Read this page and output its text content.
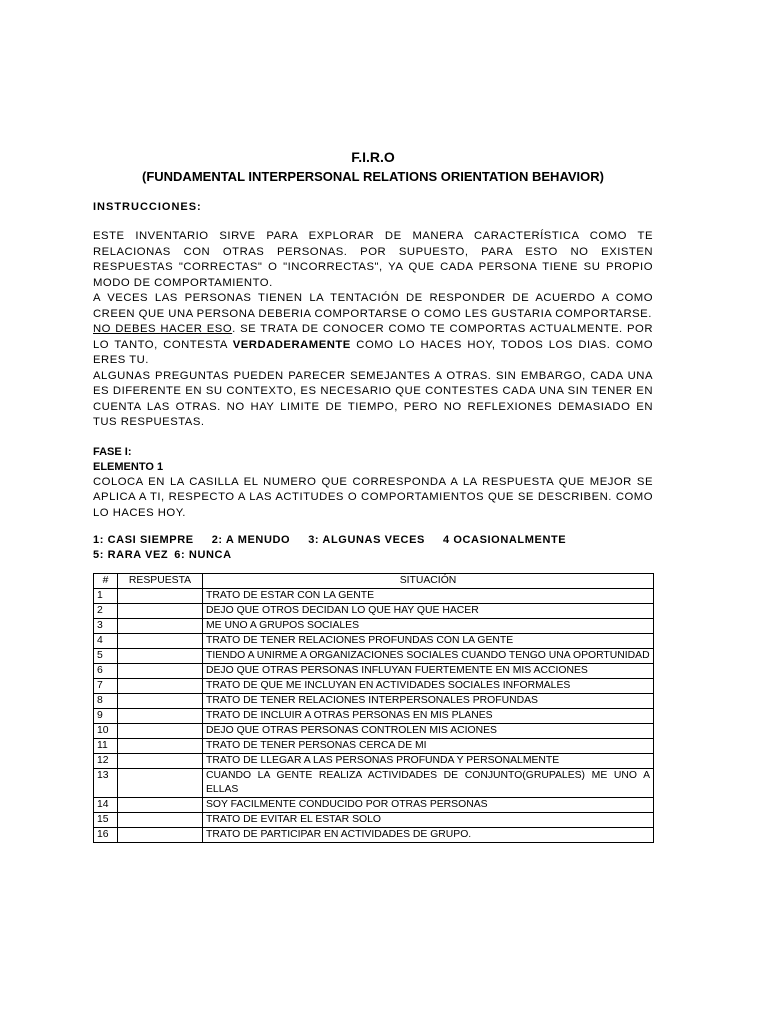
F.I.R.O
(FUNDAMENTAL INTERPERSONAL RELATIONS ORIENTATION BEHAVIOR)
INSTRUCCIONES:

ESTE INVENTARIO SIRVE PARA EXPLORAR DE MANERA CARACTERÍSTICA COMO TE RELACIONAS CON OTRAS PERSONAS. POR SUPUESTO, PARA ESTO NO EXISTEN RESPUESTAS "CORRECTAS" O "INCORRECTAS", YA QUE CADA PERSONA TIENE SU PROPIO MODO DE COMPORTAMIENTO.

A VECES LAS PERSONAS TIENEN LA TENTACIÓN DE RESPONDER DE ACUERDO A COMO CREEN QUE UNA PERSONA DEBERIA COMPORTARSE O COMO LES GUSTARIA COMPORTARSE.

NO DEBES HACER ESO. SE TRATA DE CONOCER COMO TE COMPORTAS ACTUALMENTE. POR LO TANTO, CONTESTA VERDADERAMENTE COMO LO HACES HOY, TODOS LOS DIAS. COMO ERES TU.

ALGUNAS PREGUNTAS PUEDEN PARECER SEMEJANTES A OTRAS. SIN EMBARGO, CADA UNA ES DIFERENTE EN SU CONTEXTO, ES NECESARIO QUE CONTESTES CADA UNA SIN TENER EN CUENTA LAS OTRAS. NO HAY LIMITE DE TIEMPO, PERO NO REFLEXIONES DEMASIADO EN TUS RESPUESTAS.

FASE I:
ELEMENTO 1

COLOCA EN LA CASILLA EL NUMERO QUE CORRESPONDA A LA RESPUESTA QUE MEJOR SE APLICA A TI, RESPECTO A LAS ACTITUDES O COMPORTAMIENTOS QUE SE DESCRIBEN. COMO LO HACES HOY.

1: CASI SIEMPRE 2: A MENUDO 3: ALGUNAS VECES 4 OCASIONALMENTE
5: RARA VEZ 6: NUNCA
#	RESPUESTA	SITUACIÓN
1		TRATO DE ESTAR CON LA GENTE
2		DEJO QUE OTROS DECIDAN LO QUE HAY QUE HACER
3		ME UNO A GRUPOS SOCIALES
4		TRATO DE TENER RELACIONES PROFUNDAS CON LA GENTE
5		TIENDO A UNIRME A ORGANIZACIONES SOCIALES CUANDO TENGO UNA OPORTUNIDAD
6		DEJO QUE OTRAS PERSONAS INFLUYAN FUERTEMENTE EN MIS ACCIONES
7		TRATO DE QUE ME INCLUYAN EN ACTIVIDADES SOCIALES INFORMALES
8		TRATO DE TENER RELACIONES INTERPERSONALES PROFUNDAS
9		TRATO DE INCLUIR A OTRAS PERSONAS EN MIS PLANES
10		DEJO QUE OTRAS PERSONAS CONTROLEN MIS ACIONES
11		TRATO DE TENER PERSONAS CERCA DE MI
12		TRATO DE LLEGAR A LAS PERSONAS PROFUNDA Y PERSONALMENTE
13		CUANDO LA GENTE REALIZA ACTIVIDADES DE CONJUNTO(GRUPALES) ME UNO A ELLAS
14		SOY FACILMENTE CONDUCIDO POR OTRAS PERSONAS
15		TRATO DE EVITAR EL ESTAR SOLO
16		TRATO DE PARTICIPAR EN ACTIVIDADES DE GRUPO.
